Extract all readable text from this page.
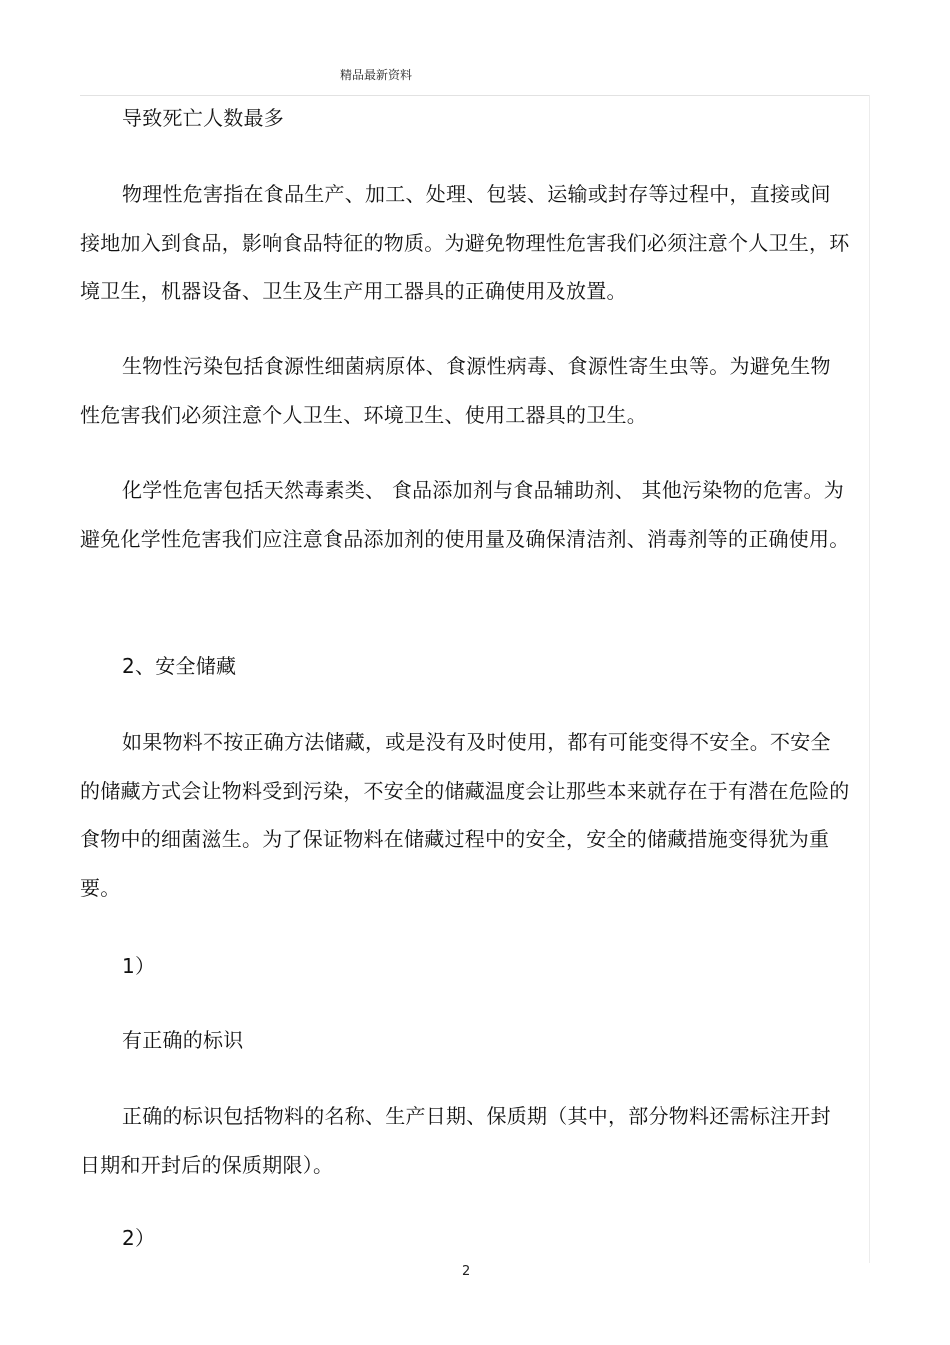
精品最新资料

导致死亡人数最多

物理性危害指在食品生产、加工、处理、包装、运输或封存等过程中，直接或间接地加入到食品，影响食品特征的物质。为避免物理性危害我们必须注意个人卫生，环境卫生，机器设备、卫生及生产用工器具的正确使用及放置。

生物性污染包括食源性细菌病原体、食源性病毒、食源性寄生虫等。为避免生物性危害我们必须注意个人卫生、环境卫生、使用工器具的卫生。

化学性危害包括天然毒素类、 食品添加剂与食品辅助剂、 其他污染物的危害。为避免化学性危害我们应注意食品添加剂的使用量及确保清洁剂、消毒剂等的正确使用。

2、安全储藏

如果物料不按正确方法储藏，或是没有及时使用，都有可能变得不安全。不安全的储藏方式会让物料受到污染，不安全的储藏温度会让那些本来就存在于有潜在危险的食物中的细菌滋生。为了保证物料在储藏过程中的安全，安全的储藏措施变得犹为重要。

1）

有正确的标识

正确的标识包括物料的名称、生产日期、保质期（其中，部分物料还需标注开封日期和开封后的保质期限）。

2）

2
